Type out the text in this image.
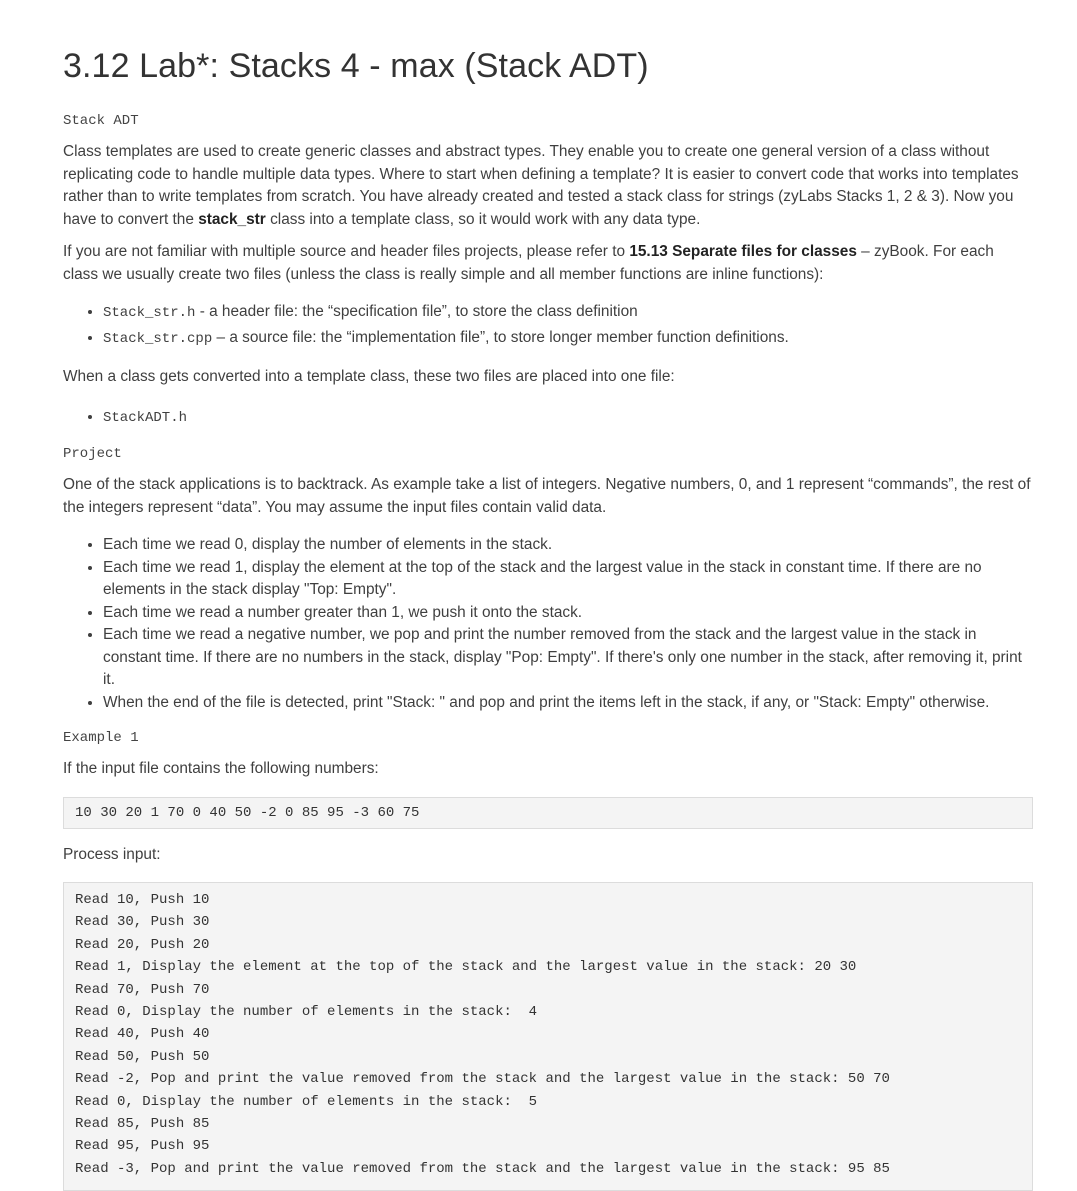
3.12 Lab*: Stacks 4 - max (Stack ADT)
Stack ADT

Class templates are used to create generic classes and abstract types. They enable you to create one general version of a class without replicating code to handle multiple data types. Where to start when defining a template? It is easier to convert code that works into templates rather than to write templates from scratch. You have already created and tested a stack class for strings (zyLabs Stacks 1, 2 & 3). Now you have to convert the stack_str class into a template class, so it would work with any data type.

If you are not familiar with multiple source and header files projects, please refer to 15.13 Separate files for classes – zyBook. For each class we usually create two files (unless the class is really simple and all member functions are inline functions):

• Stack_str.h - a header file: the “specification file”, to store the class definition
• Stack_str.cpp – a source file: the “implementation file”, to store longer member function definitions.

When a class gets converted into a template class, these two files are placed into one file:

• StackADT.h
Project

One of the stack applications is to backtrack. As example take a list of integers. Negative numbers, 0, and 1 represent “commands”, the rest of the integers represent “data”. You may assume the input files contain valid data.

• Each time we read 0, display the number of elements in the stack.
• Each time we read 1, display the element at the top of the stack and the largest value in the stack in constant time. If there are no elements in the stack display "Top: Empty".
• Each time we read a number greater than 1, we push it onto the stack.
• Each time we read a negative number, we pop and print the number removed from the stack and the largest value in the stack in constant time. If there are no numbers in the stack, display "Pop: Empty". If there's only one number in the stack, after removing it, print it.
• When the end of the file is detected, print "Stack: " and pop and print the items left in the stack, if any, or "Stack: Empty" otherwise.
Example 1

If the input file contains the following numbers:

10 30 20 1 70 0 40 50 -2 0 85 95 -3 60 75

Process input:

Read 10, Push 10
Read 30, Push 30
Read 20, Push 20
Read 1, Display the element at the top of the stack and the largest value in the stack: 20 30
Read 70, Push 70
Read 0, Display the number of elements in the stack:  4
Read 40, Push 40
Read 50, Push 50
Read -2, Pop and print the value removed from the stack and the largest value in the stack: 50 70
Read 0, Display the number of elements in the stack:  5
Read 85, Push 85
Read 95, Push 95
Read -3, Pop and print the value removed from the stack and the largest value in the stack: 95 85
